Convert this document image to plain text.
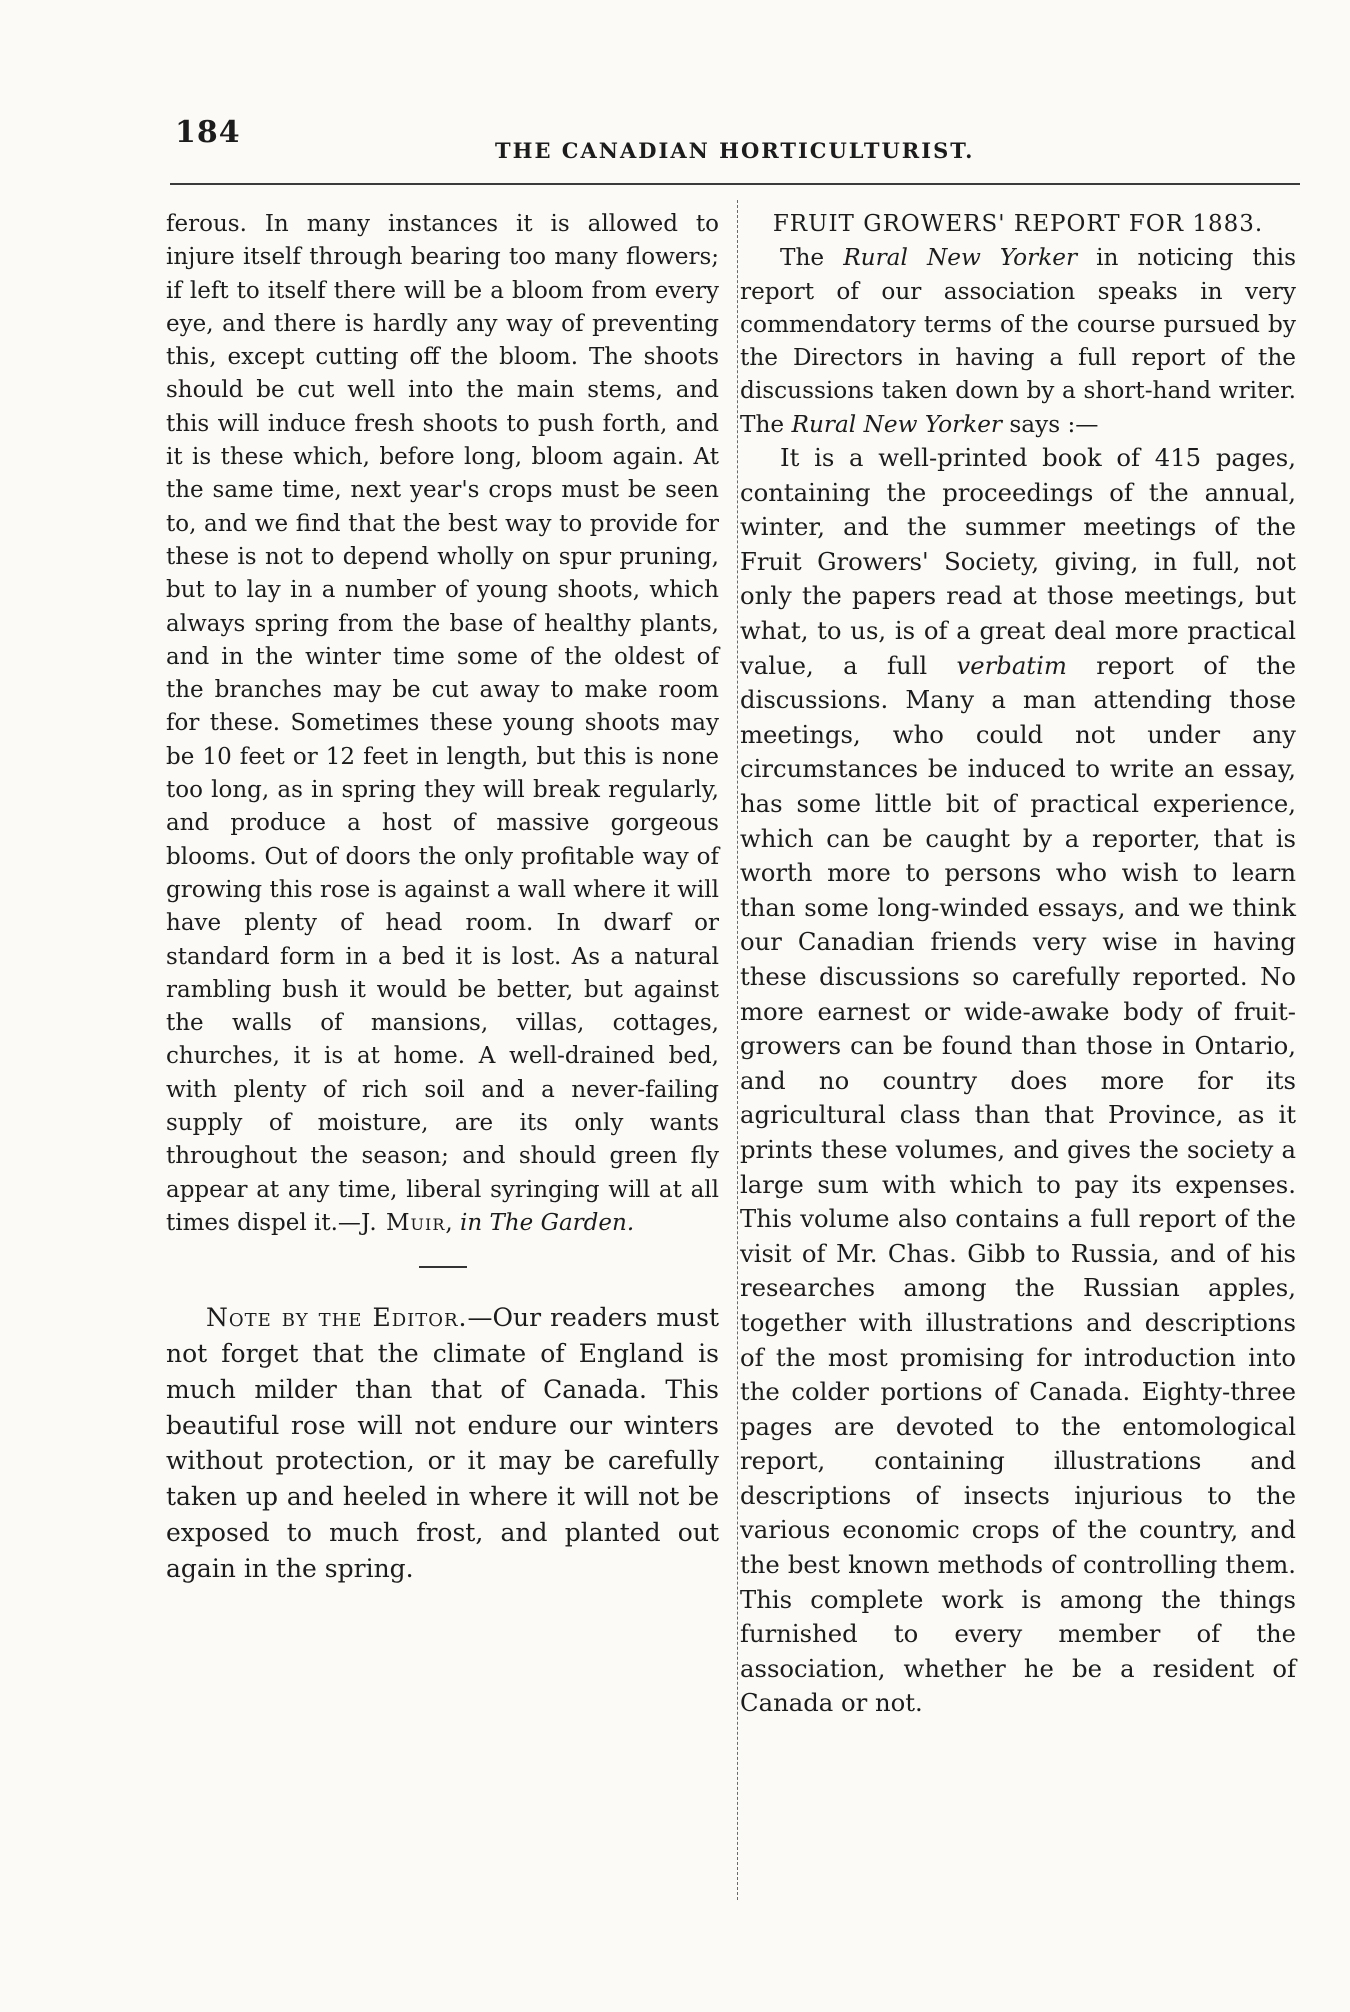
184
THE CANADIAN HORTICULTURIST.

ferous. In many instances it is allowed to injure itself through bearing too many flowers; if left to itself there will be a bloom from every eye, and there is hardly any way of preventing this, except cutting off the bloom. The shoots should be cut well into the main stems, and this will induce fresh shoots to push forth, and it is these which, before long, bloom again. At the same time, next year's crops must be seen to, and we find that the best way to provide for these is not to depend wholly on spur pruning, but to lay in a number of young shoots, which always spring from the base of healthy plants, and in the winter time some of the oldest of the branches may be cut away to make room for these. Sometimes these young shoots may be 10 feet or 12 feet in length, but this is none too long, as in spring they will break regularly, and produce a host of massive gorgeous blooms. Out of doors the only profitable way of growing this rose is against a wall where it will have plenty of head room. In dwarf or standard form in a bed it is lost. As a natural rambling bush it would be better, but against the walls of mansions, villas, cottages, churches, it is at home. A well-drained bed, with plenty of rich soil and a never-failing supply of moisture, are its only wants throughout the season; and should green fly appear at any time, liberal syringing will at all times dispel it.—J. Muir, in The Garden.

Note by the Editor.—Our readers must not forget that the climate of England is much milder than that of Canada. This beautiful rose will not endure our winters without protection, or it may be carefully taken up and heeled in where it will not be exposed to much frost, and planted out again in the spring.

FRUIT GROWERS' REPORT FOR 1883.

The Rural New Yorker in noticing this report of our association speaks in very commendatory terms of the course pursued by the Directors in having a full report of the discussions taken down by a short-hand writer. The Rural New Yorker says :—

It is a well-printed book of 415 pages, containing the proceedings of the annual, winter, and the summer meetings of the Fruit Growers' Society, giving, in full, not only the papers read at those meetings, but what, to us, is of a great deal more practical value, a full verbatim report of the discussions. Many a man attending those meetings, who could not under any circumstances be induced to write an essay, has some little bit of practical experience, which can be caught by a reporter, that is worth more to persons who wish to learn than some long-winded essays, and we think our Canadian friends very wise in having these discussions so carefully reported. No more earnest or wide-awake body of fruit-growers can be found than those in Ontario, and no country does more for its agricultural class than that Province, as it prints these volumes, and gives the society a large sum with which to pay its expenses. This volume also contains a full report of the visit of Mr. Chas. Gibb to Russia, and of his researches among the Russian apples, together with illustrations and descriptions of the most promising for introduction into the colder portions of Canada. Eighty-three pages are devoted to the entomological report, containing illustrations and descriptions of insects injurious to the various economic crops of the country, and the best known methods of controlling them. This complete work is among the things furnished to every member of the association, whether he be a resident of Canada or not.
